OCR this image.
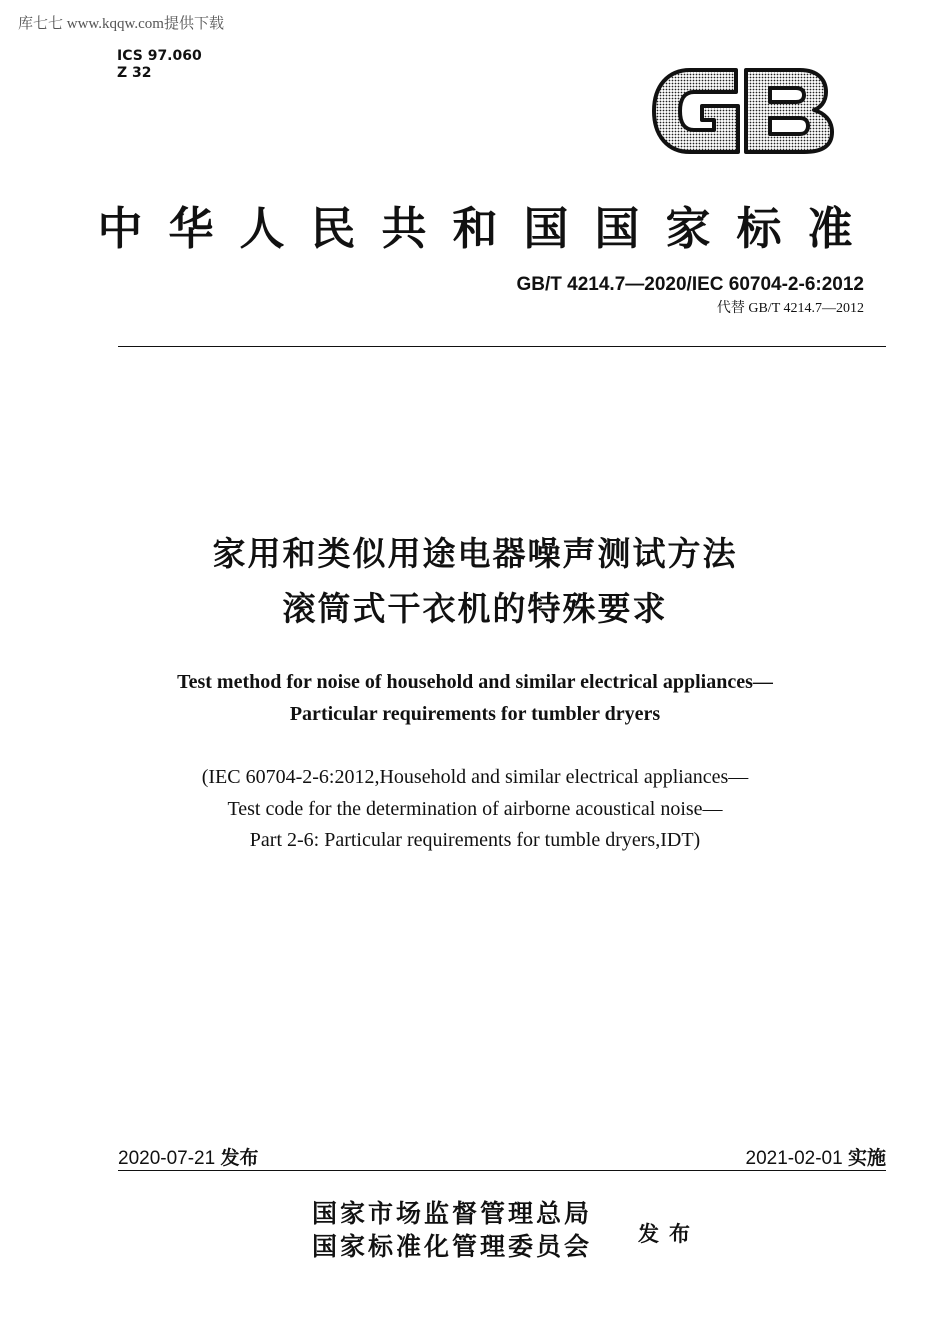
库七七 www.kqqw.com提供下载
ICS 97.060
Z 32
中华人民共和国国家标准
GB/T 4214.7—2020/IEC 60704-2-6:2012
代替 GB/T 4214.7—2012
家用和类似用途电器噪声测试方法
滚筒式干衣机的特殊要求
Test method for noise of household and similar electrical appliances—
Particular requirements for tumbler dryers
(IEC 60704-2-6:2012,Household and similar electrical appliances—
Test code for the determination of airborne acoustical noise—
Part 2-6: Particular requirements for tumble dryers,IDT)
2020-07-21 发布	2021-02-01 实施
国家市场监督管理总局
国家标准化管理委员会 发布
